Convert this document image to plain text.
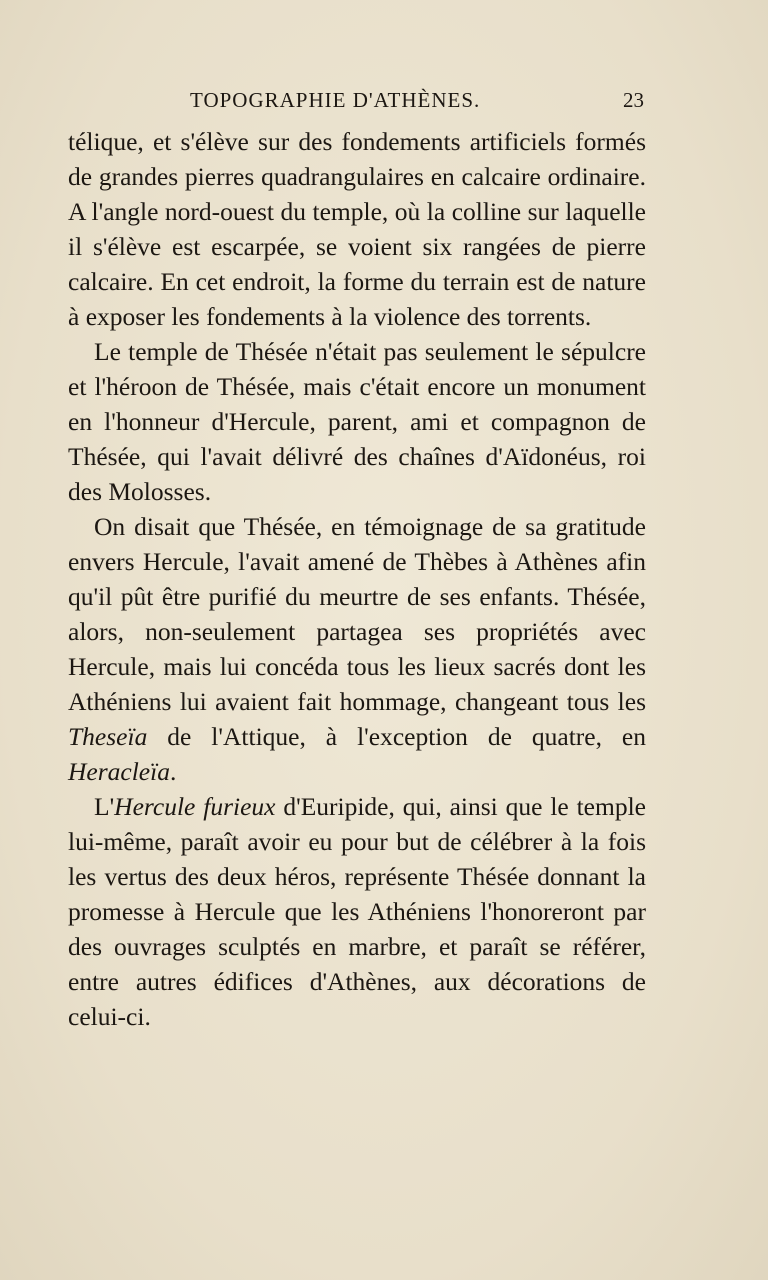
TOPOGRAPHIE D'ATHÈNES.	23

télique, et s'élève sur des fondements artificiels formés de grandes pierres quadrangulaires en calcaire ordinaire. A l'angle nord-ouest du temple, où la colline sur laquelle il s'élève est escarpée, se voient six rangées de pierre calcaire. En cet endroit, la forme du terrain est de nature à exposer les fondements à la violence des torrents.

Le temple de Thésée n'était pas seulement le sépulcre et l'héroon de Thésée, mais c'était encore un monument en l'honneur d'Hercule, parent, ami et compagnon de Thésée, qui l'avait délivré des chaînes d'Aïdonéus, roi des Molosses.

On disait que Thésée, en témoignage de sa gratitude envers Hercule, l'avait amené de Thèbes à Athènes afin qu'il pût être purifié du meurtre de ses enfants. Thésée, alors, non-seulement partagea ses propriétés avec Hercule, mais lui concéda tous les lieux sacrés dont les Athéniens lui avaient fait hommage, changeant tous les Theseïa de l'Attique, à l'exception de quatre, en Heracleïa.

L'Hercule furieux d'Euripide, qui, ainsi que le temple lui-même, paraît avoir eu pour but de célébrer à la fois les vertus des deux héros, représente Thésée donnant la promesse à Hercule que les Athéniens l'honoreront par des ouvrages sculptés en marbre, et paraît se référer, entre autres édifices d'Athènes, aux décorations de celui-ci.
